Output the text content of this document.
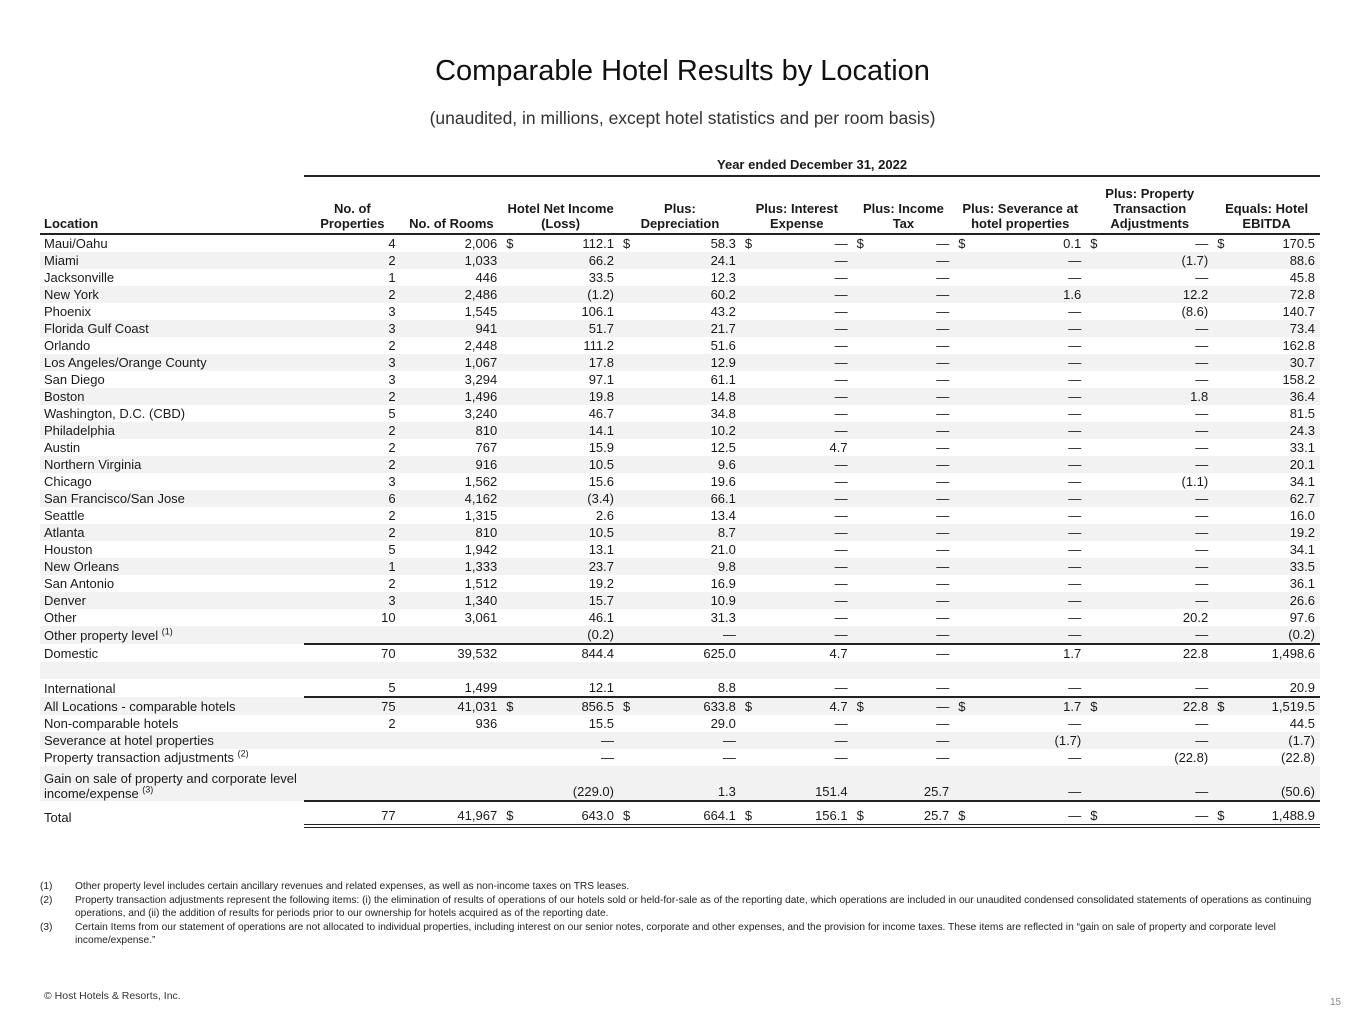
Comparable Hotel Results by Location
(unaudited, in millions, except hotel statistics and per room basis)
	Year ended December 31, 2022								
Location	No. of Properties	No. of Rooms	Hotel Net Income (Loss)	Plus: Depreciation	Plus: Interest Expense	Plus: Income Tax	Plus: Severance at hotel properties	Plus: Property Transaction Adjustments	Equals: Hotel EBITDA
Maui/Oahu	4	2,006	$ 112.1	$ 58.3	$ —	$ —	$ 0.1	$ —	$ 170.5

Miami	2	1,033	66.2	24.1	—	—	—	(1.7)	88.6
Jacksonville	1	446	33.5	12.3	—	—	—	—	45.8
New York	2	2,486	(1.2)	60.2	—	—	1.6	12.2	72.8
Phoenix	3	1,545	106.1	43.2	—	—	—	(8.6)	140.7
Florida Gulf Coast	3	941	51.7	21.7	—	—	—	—	73.4
Orlando	2	2,448	111.2	51.6	—	—	—	—	162.8
Los Angeles/Orange County	3	1,067	17.8	12.9	—	—	—	—	30.7
San Diego	3	3,294	97.1	61.1	—	—	—	—	158.2
Boston	2	1,496	19.8	14.8	—	—	—	1.8	36.4
Washington, D.C. (CBD)	5	3,240	46.7	34.8	—	—	—	—	81.5
Philadelphia	2	810	14.1	10.2	—	—	—	—	24.3
Austin	2	767	15.9	12.5	4.7	—	—	—	33.1
Northern Virginia	2	916	10.5	9.6	—	—	—	—	20.1
Chicago	3	1,562	15.6	19.6	—	—	—	(1.1)	34.1
San Francisco/San Jose	6	4,162	(3.4)	66.1	—	—	—	—	62.7
Seattle	2	1,315	2.6	13.4	—	—	—	—	16.0
Atlanta	2	810	10.5	8.7	—	—	—	—	19.2
Houston	5	1,942	13.1	21.0	—	—	—	—	34.1
New Orleans	1	1,333	23.7	9.8	—	—	—	—	33.5
San Antonio	2	1,512	19.2	16.9	—	—	—	—	36.1
Denver	3	1,340	15.7	10.9	—	—	—	—	26.6
Other	10	3,061	46.1	31.3	—	—	—	20.2	97.6
Other property level $^{(1)}$			(0.2)	—	—	—	—	—	(0.2)
Domestic	70	39,532	844.4	625.0	4.7	—	1.7	22.8	1,498.6

International	5	1,499	12.1	8.8	—	—	—	—	20.9
All Locations - comparable hotels	75	41,031	$ 856.5	$ 633.8	$ 4.7	$ —	$ 1.7	$ 22.8	$ 1,519.5

Non-comparable hotels	2	936	15.5	29.0	—	—	—	—	44.5
Severance at hotel properties			—	—	—	—	(1.7)	—	(1.7)
Property transaction adjustments $^{(2)}$			—	—	—	—	—	(22.8)	(22.8)
Gain on sale of property and corporate level income/expense $^{(3)}$			(229.0)	1.3	151.4	25.7	—	—	(50.6)
Total	77	41,967	$ 643.0	$ 664.1	$ 156.1	$ 25.7	$ —	$ —	$ 1,488.9
(1)	Other property level includes certain ancillary revenues and related expenses, as well as non-income taxes on TRS leases.
(2)	Property transaction adjustments represent the following items: (i) the elimination of results of operations of our hotels sold or held-for-sale as of the reporting date, which operations are included in our unaudited condensed consolidated statements of operations as continuing operations, and (ii) the addition of results for periods prior to our ownership for hotels acquired as of the reporting date.
(3)	Certain Items from our statement of operations are not allocated to individual properties, including interest on our senior notes, corporate and other expenses, and the provision for income taxes. These items are reflected in “gain on sale of property and corporate level income/expense.”
© Host Hotels & Resorts, Inc.
15
